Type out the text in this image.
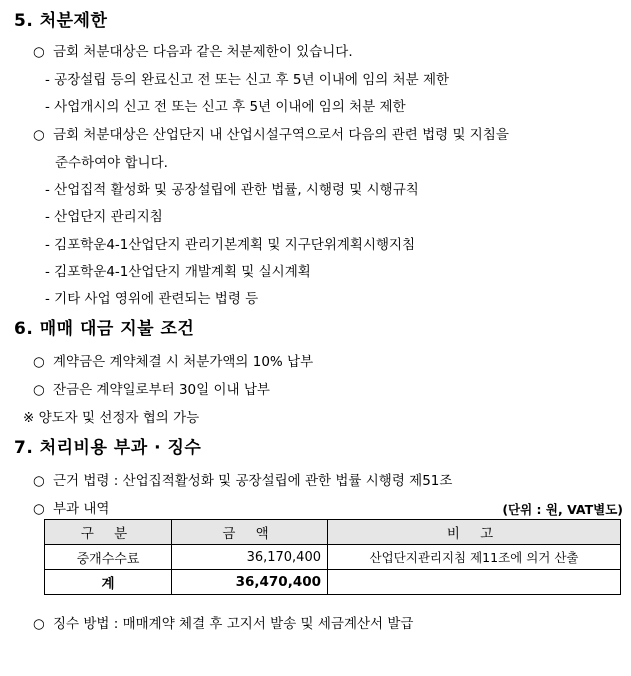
5. 처분제한
○ 금회 처분대상은 다음과 같은 처분제한이 있습니다.
- 공장설립 등의 완료신고 전 또는 신고 후 5년 이내에 임의 처분 제한
- 사업개시의 신고 전 또는 신고 후 5년 이내에 임의 처분 제한
○ 금회 처분대상은 산업단지 내 산업시설구역으로서 다음의 관련 법령 및 지침을
준수하여야 합니다.
- 산업집적 활성화 및 공장설립에 관한 법률, 시행령 및 시행규칙
- 산업단지 관리지침
- 김포학운4-1산업단지 관리기본계획 및 지구단위계획시행지침
- 김포학운4-1산업단지 개발계획 및 실시계획
- 기타 사업 영위에 관련되는 법령 등
6. 매매 대금 지불 조건
○ 계약금은 계약체결 시 처분가액의 10% 납부
○ 잔금은 계약일로부터 30일 이내 납부
※ 양도자 및 선정자 협의 가능
7. 처리비용 부과 · 징수
○ 근거 법령 : 산업집적활성화 및 공장설립에 관한 법률 시행령 제51조
○ 부과 내역	(단위 : 원, VAT별도)
구 분	금 액	비 고
중개수수료	36,170,400	산업단지관리지침 제11조에 의거 산출
계	36,470,400	
○ 징수 방법 : 매매계약 체결 후 고지서 발송 및 세금계산서 발급
